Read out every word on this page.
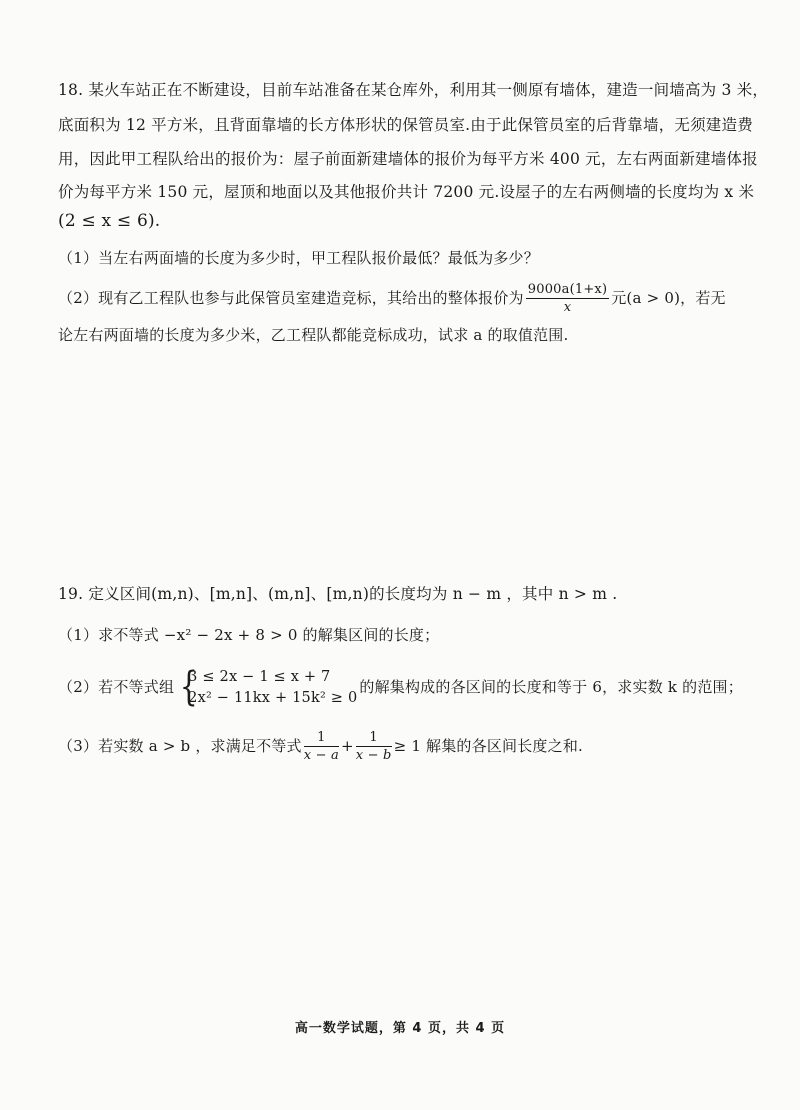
18. 某火车站正在不断建设，目前车站准备在某仓库外，利用其一侧原有墙体，建造一间墙高为 3 米，
底面积为 12 平方米，且背面靠墙的长方体形状的保管员室.由于此保管员室的后背靠墙，无须建造费
用，因此甲工程队给出的报价为：屋子前面新建墙体的报价为每平方米 400 元，左右两面新建墙体报
价为每平方米 150 元，屋顶和地面以及其他报价共计 7200 元.设屋子的左右两侧墙的长度均为 x 米
(2 ≤ x ≤ 6).
（1）当左右两面墙的长度为多少时，甲工程队报价最低？最低为多少？
（2）现有乙工程队也参与此保管员室建造竞标，其给出的整体报价为 $\frac{9000a(1+x)}{x}$ 元(a > 0)，若无
论左右两面墙的长度为多少米，乙工程队都能竞标成功，试求 a 的取值范围.
19. 定义区间(m,n)、[m,n]、(m,n]、[m,n)的长度均为 n − m ，其中 n > m .
（1）求不等式 −x² − 2x + 8 > 0 的解集区间的长度；
（2）若不等式组 {
3 ≤ 2x − 1 ≤ x + 7
2x² − 11kx + 15k² ≥ 0
的解集构成的各区间的长度和等于 6，求实数 k 的范围；
（3）若实数 a > b ，求满足不等式 $\frac{1}{x - a} + \frac{1}{x - b} \ge 1$ 解集的各区间长度之和.
高一数学试题，第 4 页，共 4 页
